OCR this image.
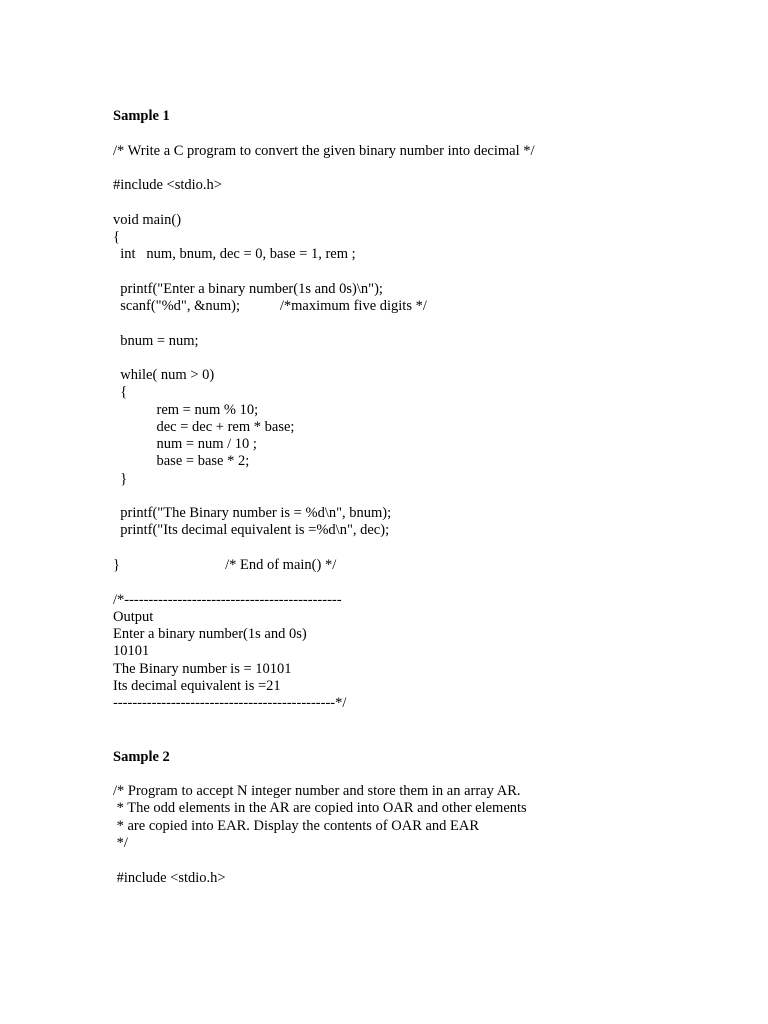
Sample 1
/* Write a C program to convert the given binary number into decimal */
#include <stdio.h>
void main()
{
int   num, bnum, dec = 0, base = 1, rem ;
printf("Enter a binary number(1s and 0s)\n");
scanf("%d", &num);           /*maximum five digits */
bnum = num;
while( num > 0)
{
rem = num % 10;
dec = dec + rem * base;
num = num / 10 ;
base = base * 2;
}
printf("The Binary number is = %d\n", bnum);
printf("Its decimal equivalent is =%d\n", dec);
}                             /* End of main() */
/*---------------------------------------------
Output
Enter a binary number(1s and 0s)
10101
The Binary number is = 10101
Its decimal equivalent is =21
----------------------------------------------*/
Sample 2
/* Program to accept N integer number and store them in an array AR.
* The odd elements in the AR are copied into OAR and other elements
* are copied into EAR. Display the contents of OAR and EAR
*/
#include <stdio.h>
